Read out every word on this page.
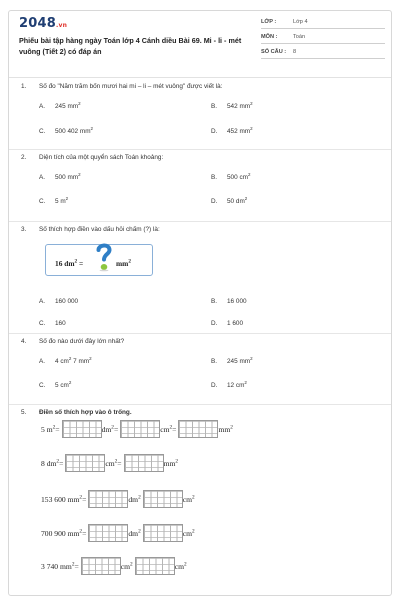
2048.vn
Phiếu bài tập hàng ngày Toán lớp 4 Cánh diều Bài 69. Mi - li - mét vuông (Tiết 2) có đáp án
LỚP :	Lớp 4
MÔN :	Toán
SỐ CÂU : 8
1. Số đo "Năm trăm bốn mươi hai mi – li – mét vuông" được viết là:
A. 245 $mm^2$	B. 542 $mm^2$
C. 500 402 $mm^2$	D. 452 $mm^2$
2. Diện tích của một quyển sách Toán khoảng:
A. 500 $mm^2$	B. 500 $cm^2$
C. 5 $m^2$	D. 50 $dm^2$
3. Số thích hợp điền vào dấu hỏi chấm (?) là:
16 $dm^2$ =	$mm^2$
A. 160 000	B. 16 000
C. 160	D. 1 600
4. Số đo nào dưới đây lớn nhất?
A. 4 $cm^2$ 7 $mm^2$	B. 245 $mm^2$
C. 5 $cm^2$	D. 12 $cm^2$
5. Điền số thích hợp vào ô trống.
5 $m^2$ =	$dm^2$ =	$cm^2$ =	$mm^2$
8 $dm^2$ =	$cm^2$ =	$mm^2$
153 600 $mm^2$ =	$dm^2$	$cm^2$
700 900 $mm^2$ =	$dm^2$	$cm^2$
3 740 $mm^2$ =	$cm^2$	$cm^2$
